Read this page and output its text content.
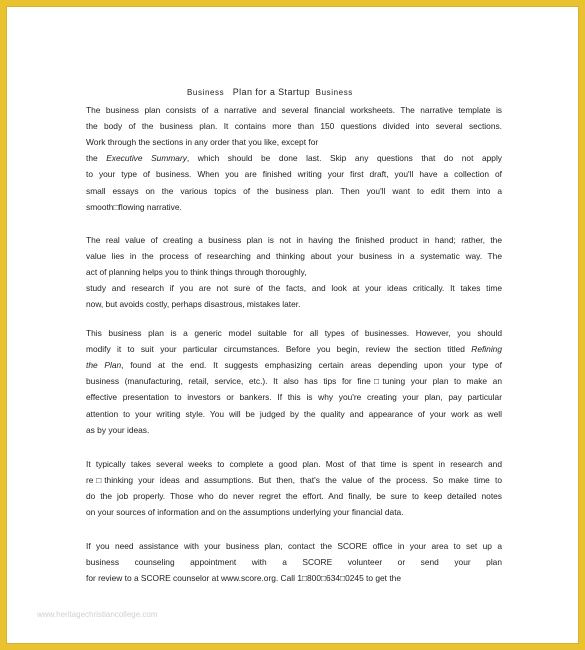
Business Plan for a Startup Business
The business plan consists of a narrative and several financial worksheets. The narrative template is
the body of the business plan. It contains more than 150 questions divided into several sections.
Work through the sections in any order that you like, except for
the Executive Summary, which should be done last. Skip any questions that do not apply
to your type of business. When you are finished writing your first draft, you'll have a collection of
small essays on the various topics of the business plan. Then you'll want to edit them into a
smooth□flowing narrative.
The real value of creating a business plan is not in having the finished product in hand; rather, the
value lies in the process of researching and thinking about your business in a systematic way. The
act of planning helps you to think things through thoroughly,
study and research if you are not sure of the facts, and look at your ideas critically. It takes time
now, but avoids costly, perhaps disastrous, mistakes later.
This business plan is a generic model suitable for all types of businesses. However, you should
modify it to suit your particular circumstances. Before you begin, review the section titled Refining
the Plan, found at the end. It suggests emphasizing certain areas depending upon your type of
business (manufacturing, retail, service, etc.). It also has tips for fine□tuning your plan to make an
effective presentation to investors or bankers. If this is why you're creating your plan, pay particular
attention to your writing style. You will be judged by the quality and appearance of your work as well
as by your ideas.
It typically takes several weeks to complete a good plan. Most of that time is spent in research and
re□thinking your ideas and assumptions. But then, that's the value of the process. So make time to
do the job properly. Those who do never regret the effort. And finally, be sure to keep detailed notes
on your sources of information and on the assumptions underlying your financial data.
If you need assistance with your business plan, contact the SCORE office in your area to set up a
business counseling appointment with a SCORE volunteer or send your plan
for review to a SCORE counselor at www.score.org. Call 1□800□634□0245 to get the
www.heritagechristiancollege.com
